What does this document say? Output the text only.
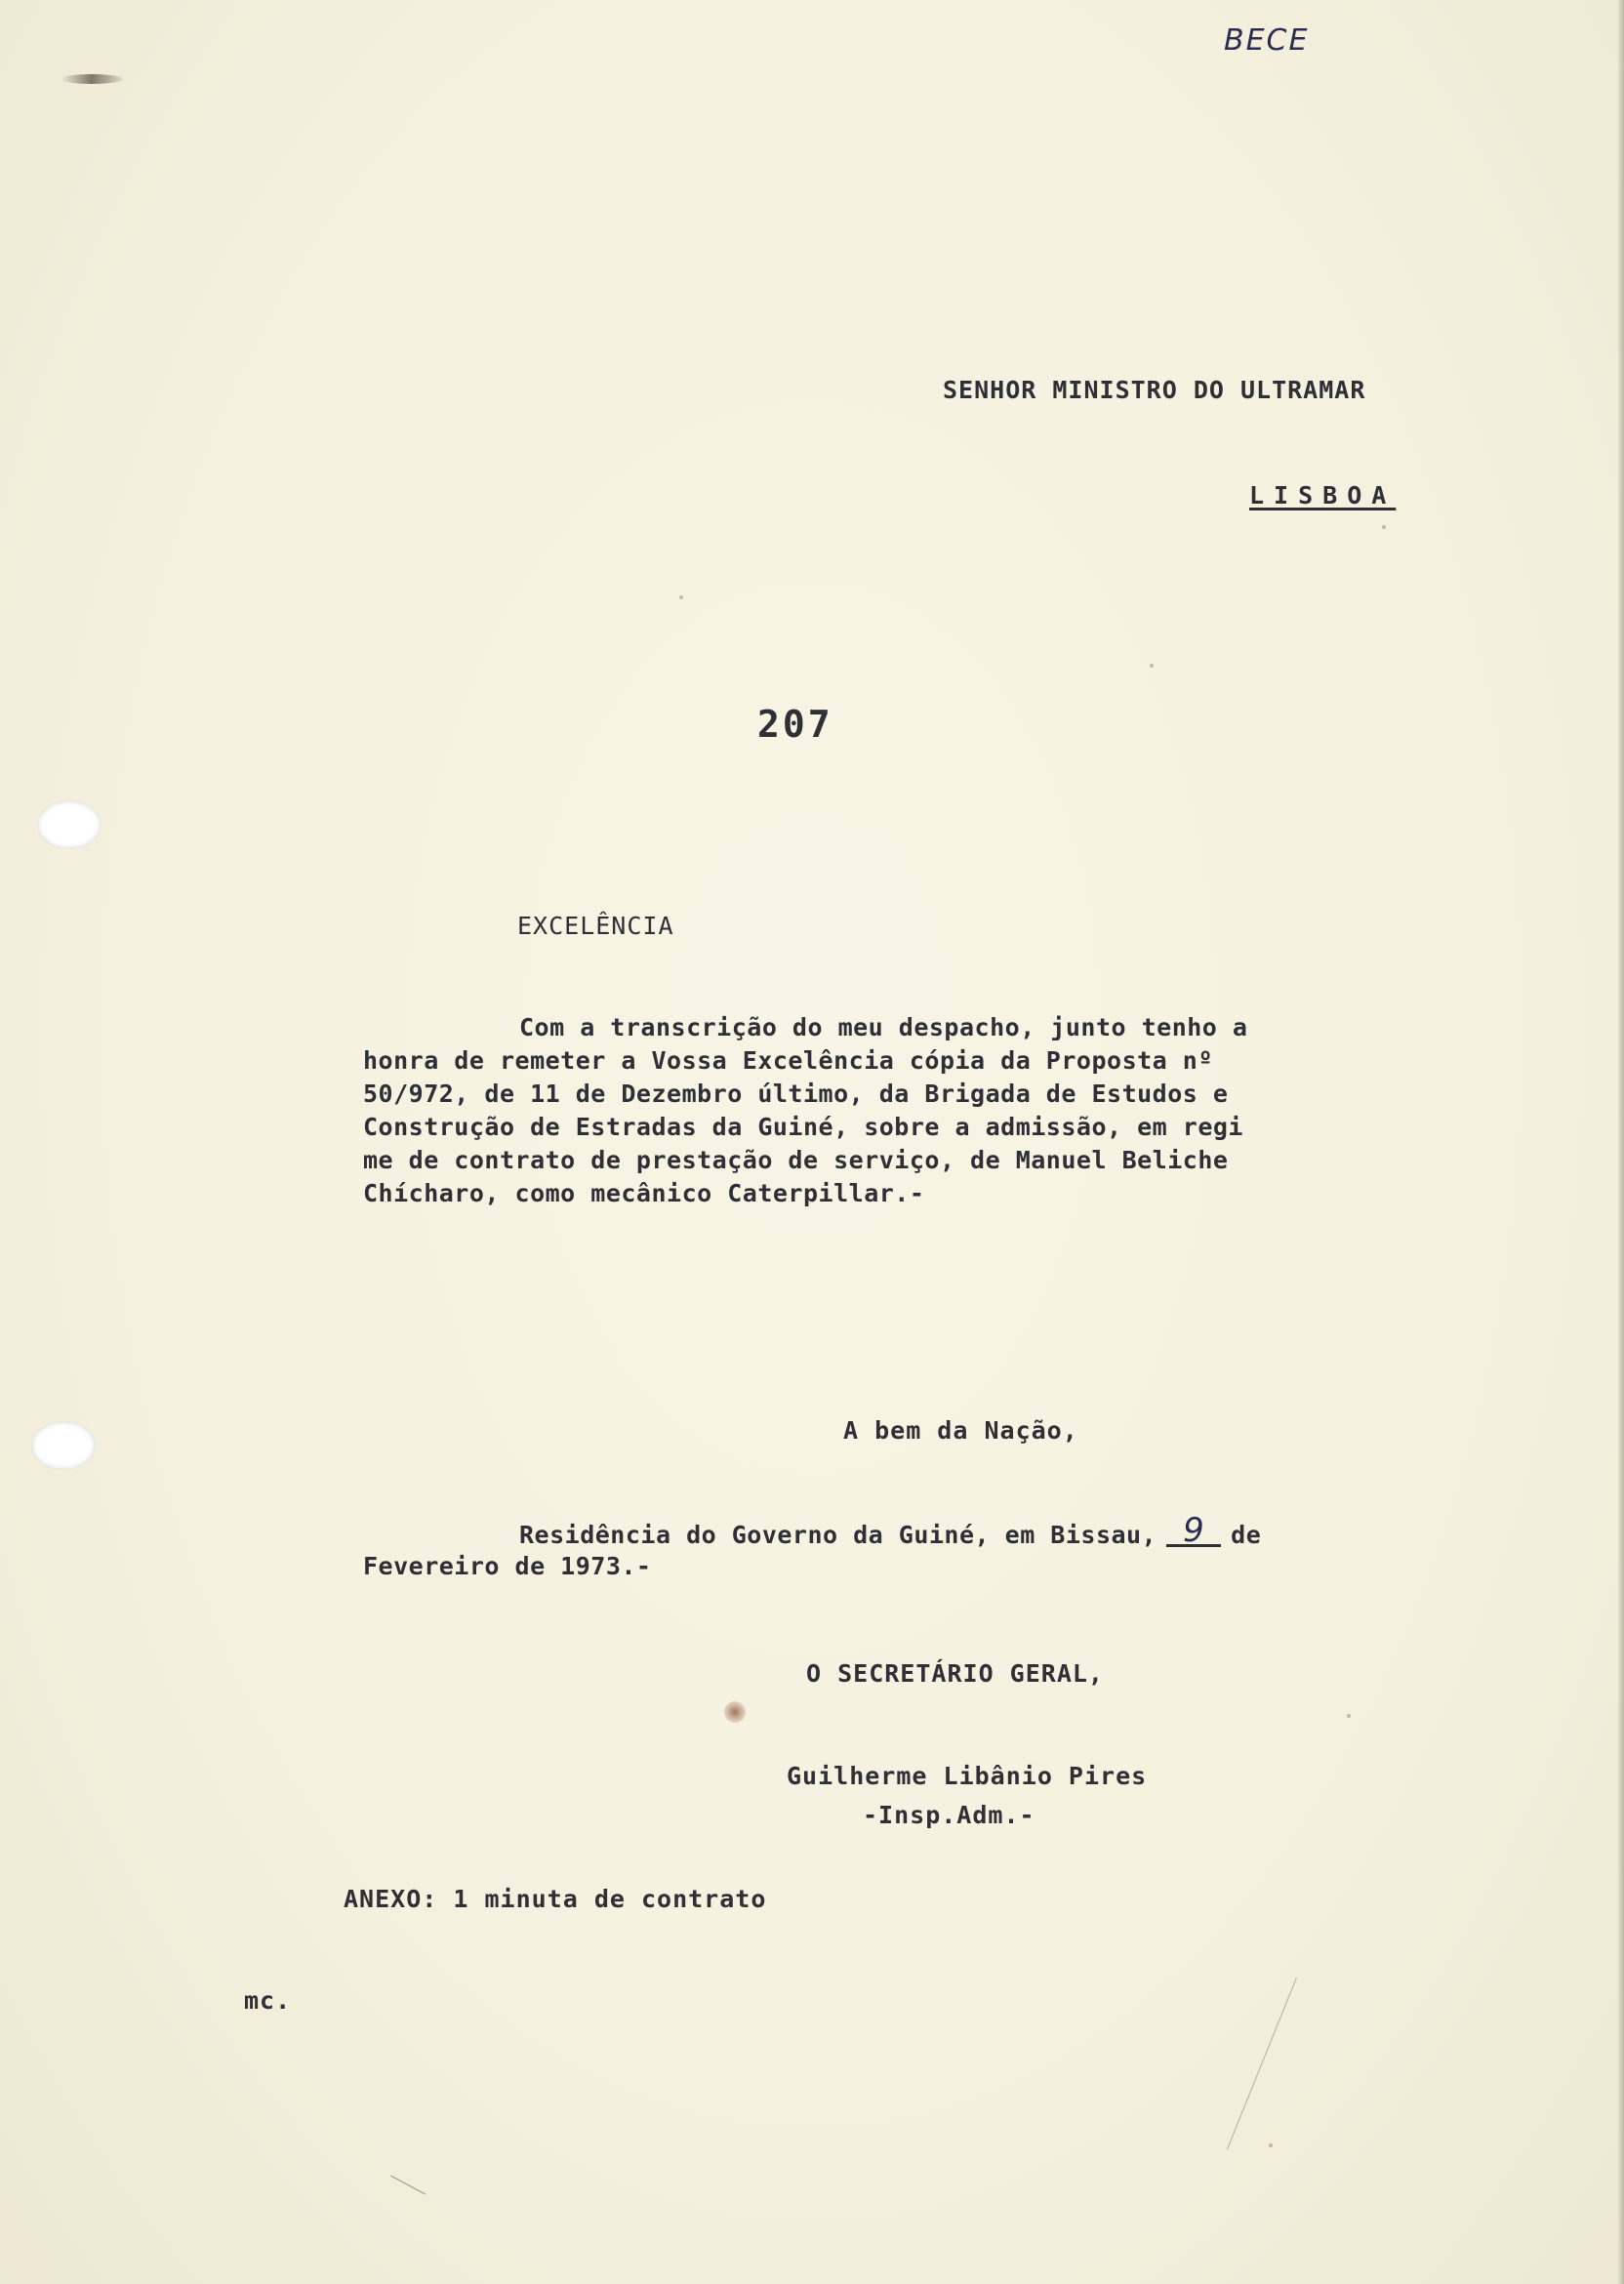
BECE
SENHOR MINISTRO DO ULTRAMAR
LISBOA
207
EXCELÊNCIA
Com a transcrição do meu despacho, junto tenho a
honra de remeter a Vossa Excelência cópia da Proposta nº
50/972, de 11 de Dezembro último, da Brigada de Estudos e
Construção de Estradas da Guiné, sobre a admissão, em regi
me de contrato de prestação de serviço, de Manuel Beliche
Chícharo, como mecânico Caterpillar.-
A bem da Nação,
Residência do Governo da Guiné, em Bissau, 9 de
Fevereiro de 1973.-
O SECRETÁRIO GERAL,
Guilherme Libânio Pires
-Insp.Adm.-
ANEXO: 1 minuta de contrato
mc.
